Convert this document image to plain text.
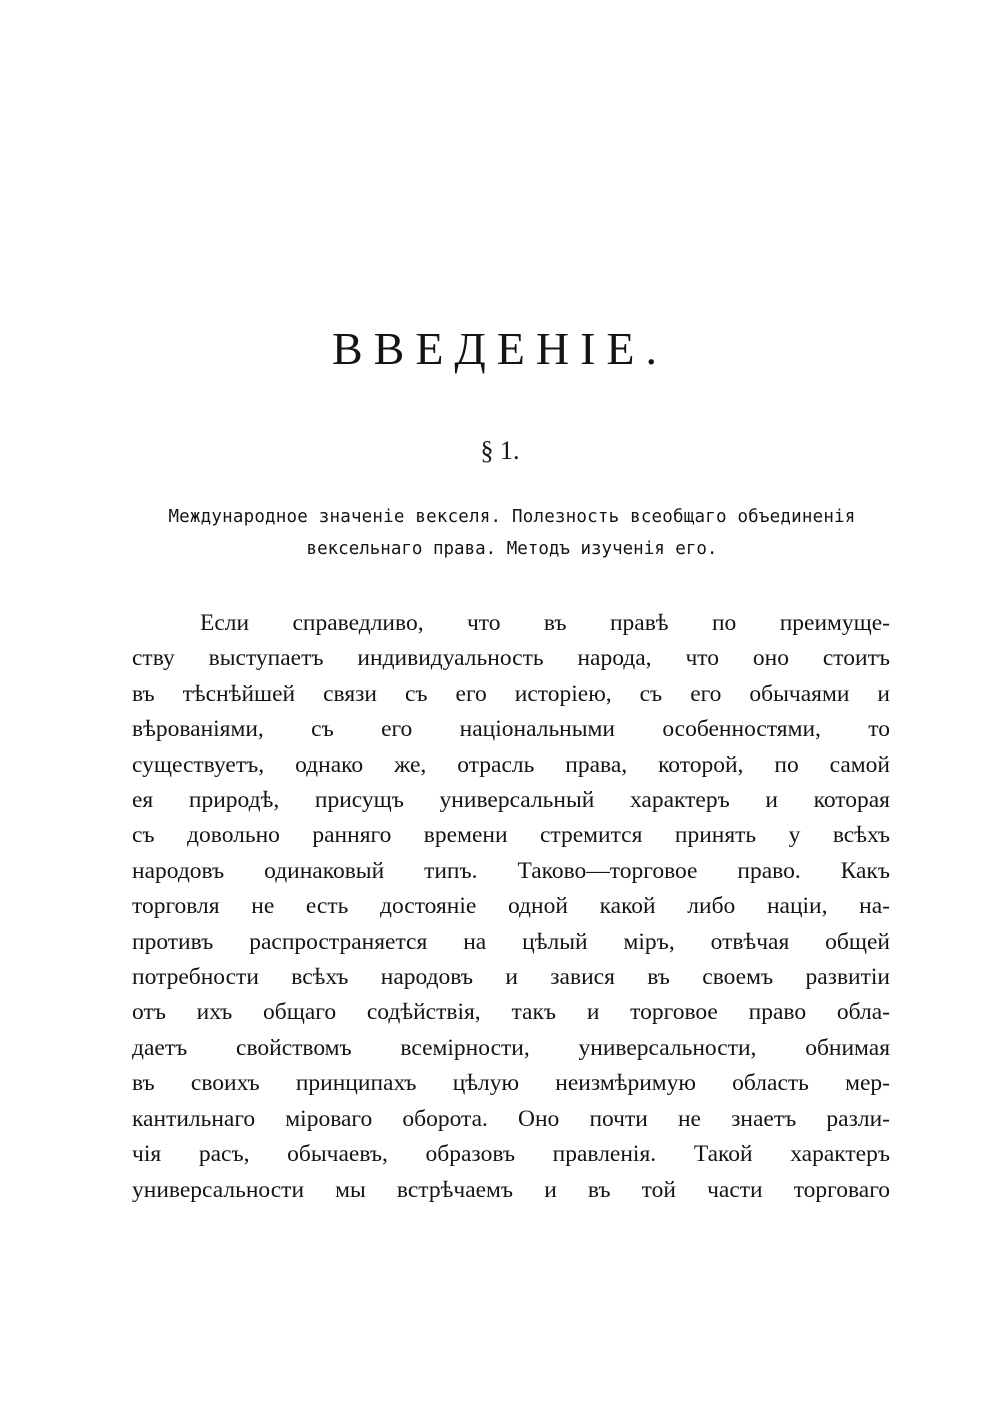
ВВЕДЕНІЕ.
§ 1.
Международное значеніе векселя. Полезность всеобщаго объединенія
вексельнаго права. Методъ изученія его.
Если справедливо, что въ правѣ по преимуще-
ству выступаетъ индивидуальность народа, что оно стоитъ
въ тѣснѣйшей связи съ его исторіею, съ его обычаями и
вѣрованіями, съ его національными особенностями, то
существуетъ, однако же, отрасль права, которой, по самой
ея природѣ, присущъ универсальный характеръ и которая
съ довольно ранняго времени стремится принять у всѣхъ
народовъ одинаковый типъ. Таково—торговое право. Какъ
торговля не есть достояніе одной какой либо націи, на-
противъ распространяется на цѣлый міръ, отвѣчая общей
потребности всѣхъ народовъ и завися въ своемъ развитіи
отъ ихъ общаго содѣйствія, такъ и торговое право обла-
даетъ свойствомъ всемірности, универсальности, обнимая
въ своихъ принципахъ цѣлую неизмѣримую область мер-
кантильнаго міроваго оборота. Оно почти не знаетъ разли-
чія расъ, обычаевъ, образовъ правленія. Такой характеръ
универсальности мы встрѣчаемъ и въ той части торговаго
